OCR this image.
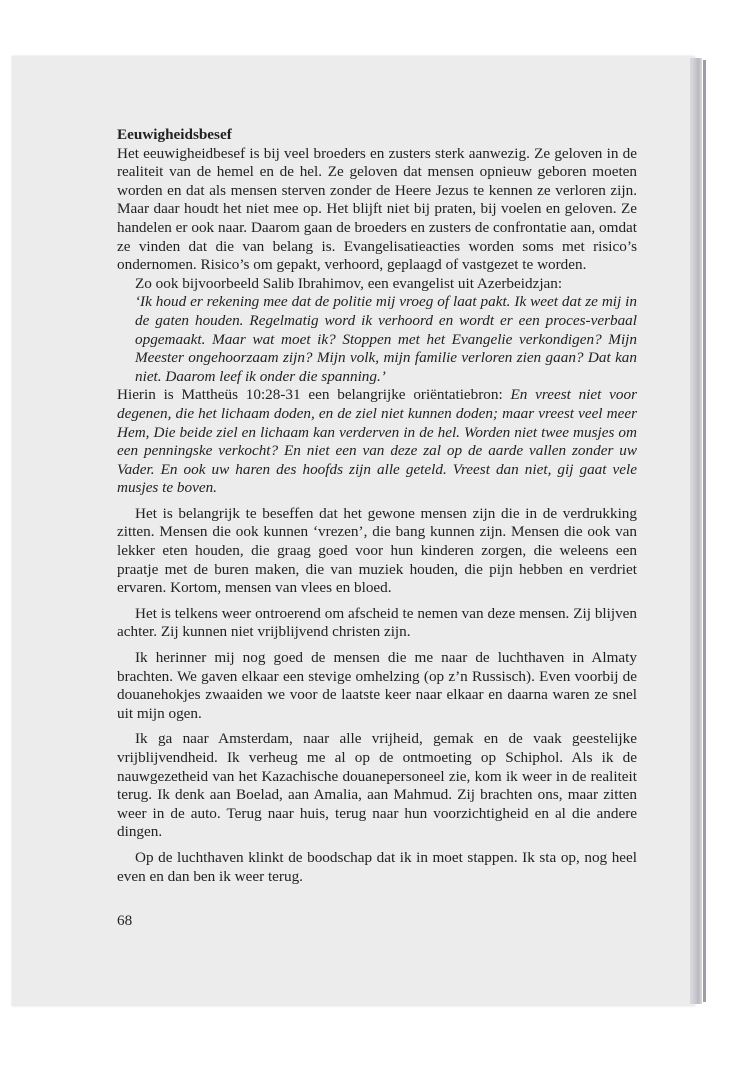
Eeuwigheidsbesef

Het eeuwigheidbesef is bij veel broeders en zusters sterk aanwezig. Ze geloven in de realiteit van de hemel en de hel. Ze geloven dat mensen opnieuw geboren moeten worden en dat als mensen sterven zonder de Heere Jezus te kennen ze verloren zijn. Maar daar houdt het niet mee op. Het blijft niet bij praten, bij voelen en geloven. Ze handelen er ook naar. Daarom gaan de broeders en zusters de confrontatie aan, omdat ze vinden dat die van belang is. Evangelisatieacties worden soms met risico’s ondernomen. Risico’s om gepakt, verhoord, geplaagd of vastgezet te worden.

Zo ook bijvoorbeeld Salib Ibrahimov, een evangelist uit Azerbeidzjan:

‘Ik houd er rekening mee dat de politie mij vroeg of laat pakt. Ik weet dat ze mij in de gaten houden. Regelmatig word ik verhoord en wordt er een proces-verbaal opgemaakt. Maar wat moet ik? Stoppen met het Evangelie verkondigen? Mijn Meester ongehoorzaam zijn? Mijn volk, mijn familie verloren zien gaan? Dat kan niet. Daarom leef ik onder die spanning.’

Hierin is Mattheüs 10:28-31 een belangrijke oriëntatiebron: En vreest niet voor degenen, die het lichaam doden, en de ziel niet kunnen doden; maar vreest veel meer Hem, Die beide ziel en lichaam kan verderven in de hel. Worden niet twee musjes om een penningske verkocht? En niet een van deze zal op de aarde vallen zonder uw Vader. En ook uw haren des hoofds zijn alle geteld. Vreest dan niet, gij gaat vele musjes te boven.

Het is belangrijk te beseffen dat het gewone mensen zijn die in de verdrukking zitten. Mensen die ook kunnen ‘vrezen’, die bang kunnen zijn. Mensen die ook van lekker eten houden, die graag goed voor hun kinderen zorgen, die weleens een praatje met de buren maken, die van muziek houden, die pijn hebben en verdriet ervaren. Kortom, mensen van vlees en bloed.

Het is telkens weer ontroerend om afscheid te nemen van deze mensen. Zij blijven achter. Zij kunnen niet vrijblijvend christen zijn.

Ik herinner mij nog goed de mensen die me naar de luchthaven in Almaty brachten. We gaven elkaar een stevige omhelzing (op z’n Russisch). Even voorbij de douanehokjes zwaaiden we voor de laatste keer naar elkaar en daarna waren ze snel uit mijn ogen.

Ik ga naar Amsterdam, naar alle vrijheid, gemak en de vaak geestelijke vrijblijvendheid. Ik verheug me al op de ontmoeting op Schiphol. Als ik de nauwgezetheid van het Kazachische douanepersoneel zie, kom ik weer in de realiteit terug. Ik denk aan Boelad, aan Amalia, aan Mahmud. Zij brachten ons, maar zitten weer in de auto. Terug naar huis, terug naar hun voorzichtigheid en al die andere dingen.

Op de luchthaven klinkt de boodschap dat ik in moet stappen. Ik sta op, nog heel even en dan ben ik weer terug.

68
